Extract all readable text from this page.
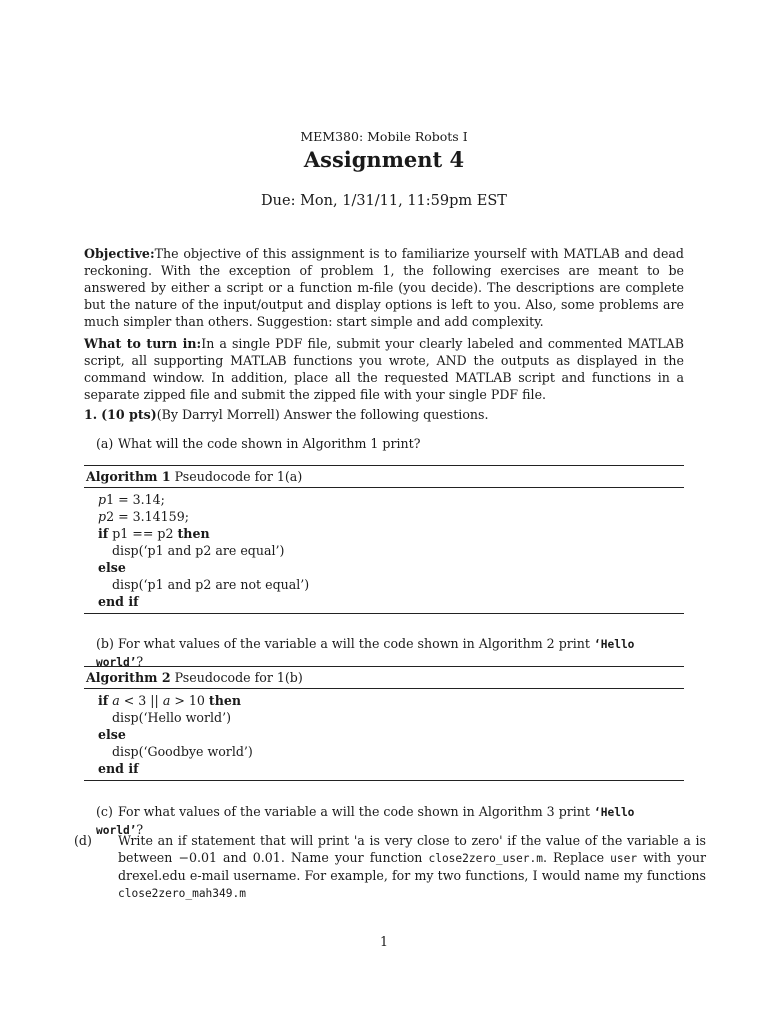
MEM380: Mobile Robots I
Assignment 4
Due: Mon, 1/31/11, 11:59pm EST
Objective:The objective of this assignment is to familiarize yourself with MATLAB and dead reckoning. With the exception of problem 1, the following exercises are meant to be answered by either a script or a function m-file (you decide). The descriptions are complete but the nature of the input/output and display options is left to you. Also, some problems are much simpler than others. Suggestion: start simple and add complexity.
What to turn in:In a single PDF file, submit your clearly labeled and commented MATLAB script, all supporting MATLAB functions you wrote, AND the outputs as displayed in the command window. In addition, place all the requested MATLAB script and functions in a separate zipped file and submit the zipped file with your single PDF file.
1. (10 pts)(By Darryl Morrell) Answer the following questions.
(a) What will the code shown in Algorithm 1 print?
Algorithm 1 Pseudocode for 1(a)
p1 = 3.14;
p2 = 3.14159;
if p1 == p2 then
disp(‘p1 and p2 are equal’)
else
disp(‘p1 and p2 are not equal’)
end if
(b) For what values of the variable a will the code shown in Algorithm 2 print ‘Hello world’?
Algorithm 2 Pseudocode for 1(b)
if a < 3 || a > 10 then
disp(‘Hello world’)
else
disp(‘Goodbye world’)
end if
(c) For what values of the variable a will the code shown in Algorithm 3 print ‘Hello world’?
(d) Write an if statement that will print 'a is very close to zero' if the value of the variable a is between −0.01 and 0.01. Name your function close2zero_user.m. Replace user with your drexel.edu e-mail username. For example, for my two functions, I would name my functions close2zero_mah349.m
1
